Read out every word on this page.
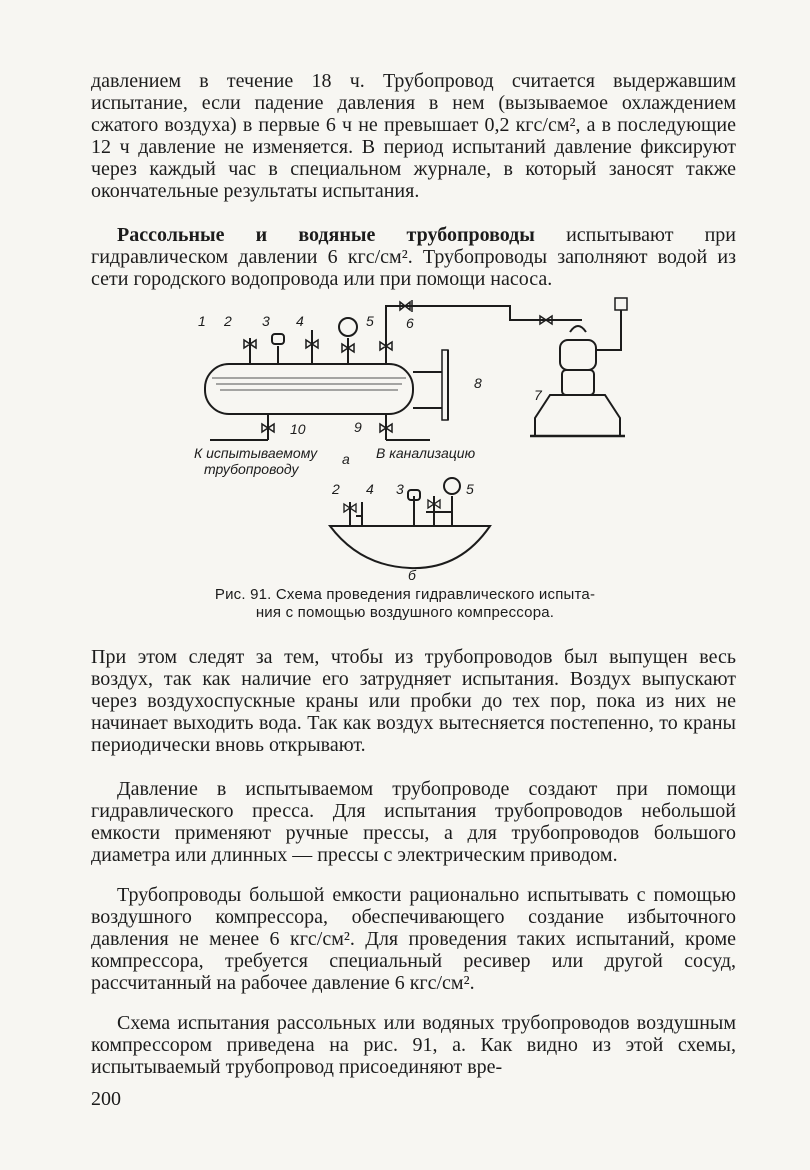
давлением в течение 18 ч. Трубопровод считается выдержавшим испытание, если падение давления в нем (вызываемое охлаждением сжатого воздуха) в первые 6 ч не превышает 0,2 кгс/см², а в последующие 12 ч давление не изменяется. В период испытаний давление фиксируют через каждый час в специальном журнале, в который заносят также окончательные результаты испытания.

Рассольные и водяные трубопроводы испытывают при гидравлическом давлении 6 кгс/см². Трубопроводы заполняют водой из сети городского водопровода или при помощи насоса.

1 2 3 4	5 6
7
8
9
10
К испытываемому
трубопроводу
В канализацию
а
2 4 3	5
б
Рис. 91. Схема проведения гидравлического испыта-
ния с помощью воздушного компрессора.

При этом следят за тем, чтобы из трубопроводов был выпущен весь воздух, так как наличие его затрудняет испытания. Воздух выпускают через воздухоспускные краны или пробки до тех пор, пока из них не начинает выходить вода. Так как воздух вытесняется постепенно, то краны периодически вновь открывают.

Давление в испытываемом трубопроводе создают при помощи гидравлического пресса. Для испытания трубопроводов небольшой емкости применяют ручные прессы, а для трубопроводов большого диаметра или длинных — прессы с электрическим приводом.

Трубопроводы большой емкости рационально испытывать с помощью воздушного компрессора, обеспечивающего создание избыточного давления не менее 6 кгс/см². Для проведения таких испытаний, кроме компрессора, требуется специальный ресивер или другой сосуд, рассчитанный на рабочее давление 6 кгс/см².

Схема испытания рассольных или водяных трубопроводов воздушным компрессором приведена на рис. 91, а. Как видно из этой схемы, испытываемый трубопровод присоединяют вре-

200
